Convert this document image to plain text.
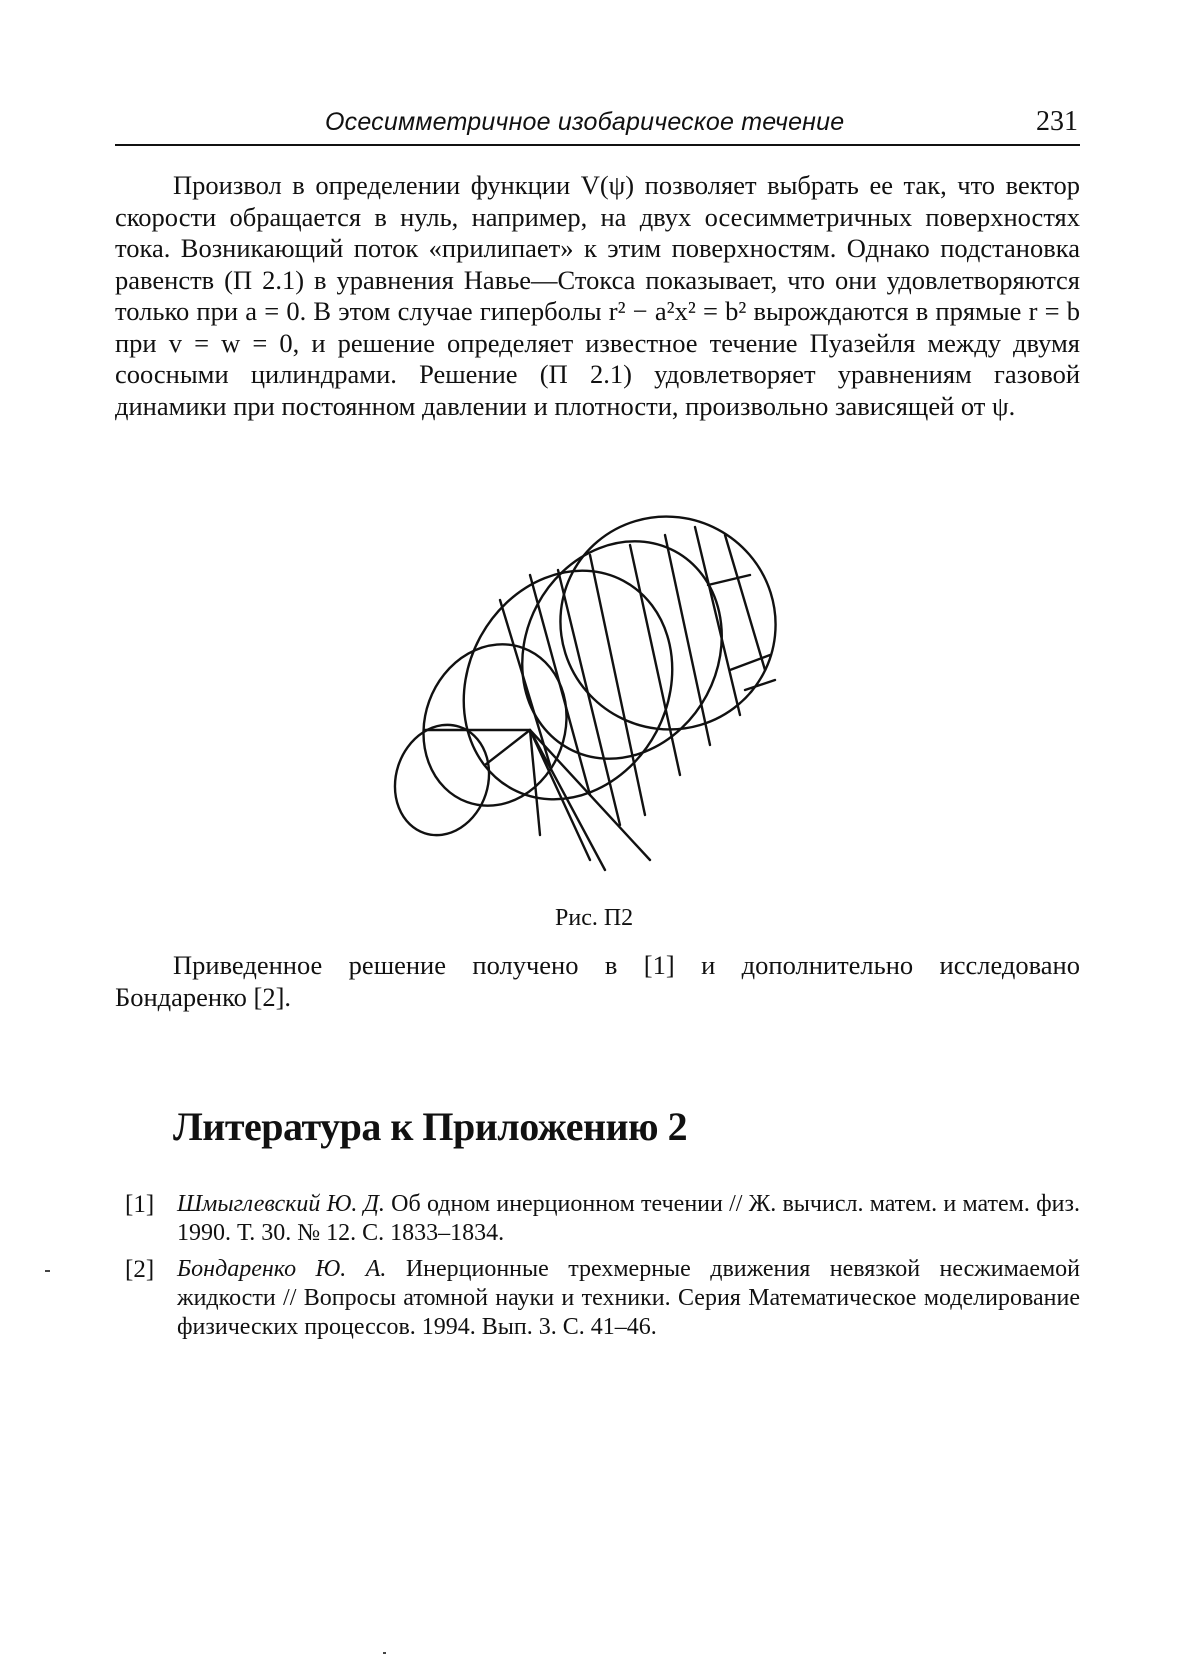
Осесимметричное изобарическое течение	231
Произвол в определении функции V(ψ) позволяет выбрать ее так, что вектор скорости обращается в нуль, например, на двух осесимметричных поверхностях тока. Возникающий поток «прилипает» к этим поверхностям. Однако подстановка равенств (П 2.1) в уравнения Навье—Стокса показывает, что они удовлетворяются только при a = 0. В этом случае гиперболы r² − a²x² = b² вырождаются в прямые r = b при v = w = 0, и решение определяет известное течение Пуазейля между двумя соосными цилиндрами. Решение (П 2.1) удовлетворяет уравнениям газовой динамики при постоянном давлении и плотности, произвольно зависящей от ψ.
Рис. П2
Приведенное решение получено в [1] и дополнительно исследовано Бондаренко [2].
Литература к Приложению 2
[1] Шмыглевский Ю. Д. Об одном инерционном течении // Ж. вычисл. матем. и матем. физ. 1990. Т. 30. № 12. С. 1833–1834.
[2] Бондаренко Ю. А. Инерционные трехмерные движения невязкой несжимаемой жидкости // Вопросы атомной науки и техники. Серия Математическое моделирование физических процессов. 1994. Вып. 3. С. 41–46.
